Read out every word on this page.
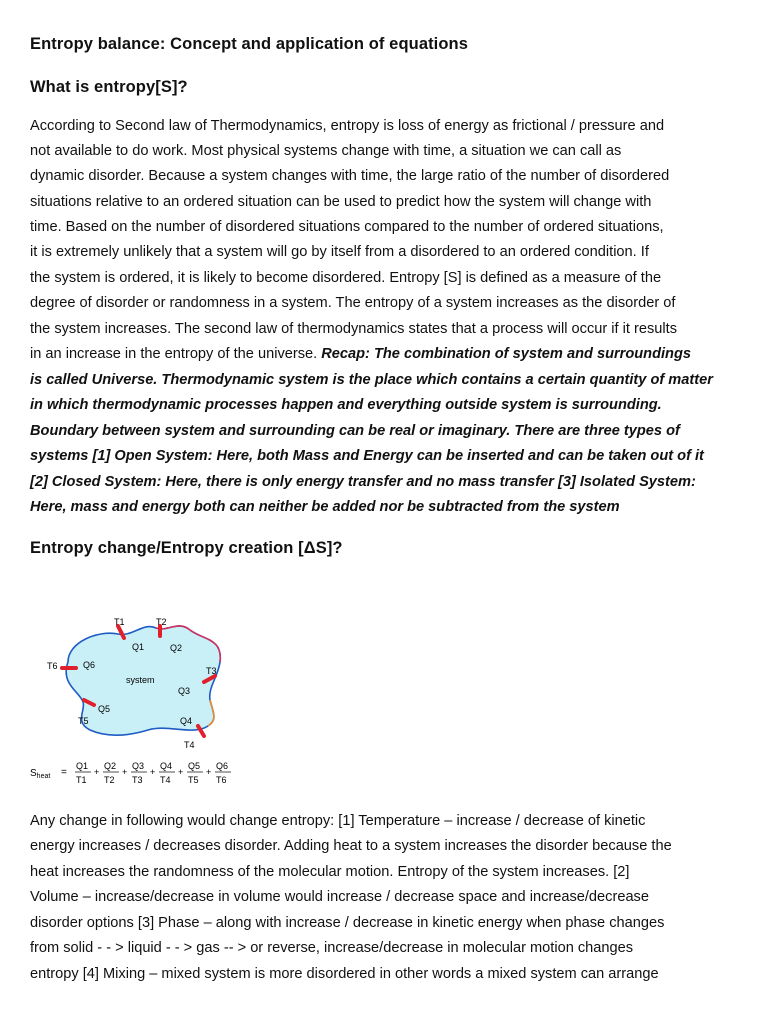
Entropy balance: Concept and application of equations
What is entropy[S]?
According to Second law of Thermodynamics, entropy is loss of energy as frictional / pressure and
not available to do work. Most physical systems change with time, a situation we can call as
dynamic disorder. Because a system changes with time, the large ratio of the number of disordered
situations relative to an ordered situation can be used to predict how the system will change with
time. Based on the number of disordered situations compared to the number of ordered situations,
it is extremely unlikely that a system will go by itself from a disordered to an ordered condition. If
the system is ordered, it is likely to become disordered. Entropy [S] is defined as a measure of the
degree of disorder or randomness in a system. The entropy of a system increases as the disorder of
the system increases. The second law of thermodynamics states that a process will occur if it results
in an increase in the entropy of the universe. Recap: The combination of system and surroundings
is called Universe. Thermodynamic system is the place which contains a certain quantity of matter
in which thermodynamic processes happen and everything outside system is surrounding.
Boundary between system and surrounding can be real or imaginary. There are three types of
systems [1] Open System: Here, both Mass and Energy can be inserted and can be taken out of it
[2] Closed System: Here, there is only energy transfer and no mass transfer [3] Isolated System:
Here, mass and energy both can neither be added nor be subtracted from the system
Entropy change/Entropy creation [ΔS]?
system
T1	T2
T3
T4
T5
T6
Q1	Q2
Q3
Q4
Q5
Q6
$S_{heat}$ =
Q1
T1
+
Q2
T2
+
Q3
T3
+
Q4
T4
+
Q5
T5
+
Q6
T6
Any change in following would change entropy: [1] Temperature – increase / decrease of kinetic
energy increases / decreases disorder. Adding heat to a system increases the disorder because the
heat increases the randomness of the molecular motion. Entropy of the system increases. [2]
Volume – increase/decrease in volume would increase / decrease space and increase/decrease
disorder options [3] Phase – along with increase / decrease in kinetic energy when phase changes
from solid - - > liquid - - > gas -- > or reverse, increase/decrease in molecular motion changes
entropy [4] Mixing – mixed system is more disordered in other words a mixed system can arrange
